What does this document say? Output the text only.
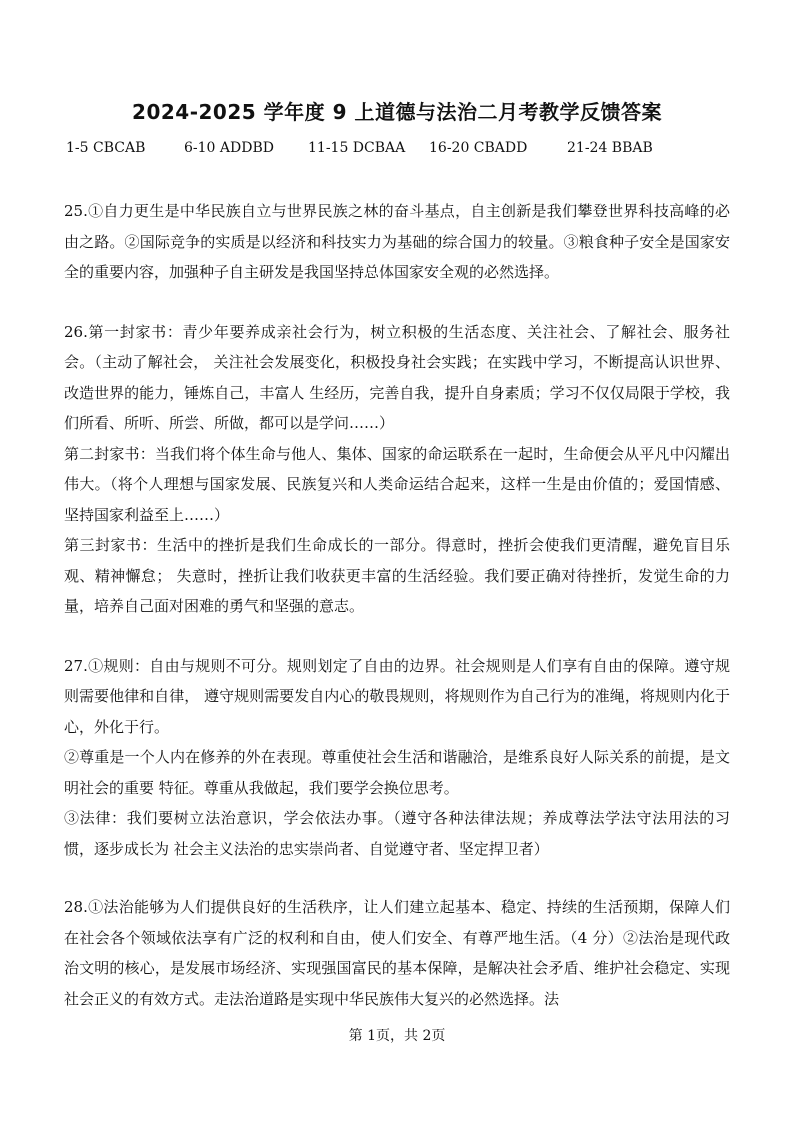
2024-2025 学年度 9 上道德与法治二月考教学反馈答案
1-5 CBCAB	6-10 ADDBD 11-15 DCBAA 16-20 CBADD	21-24 BBAB

25.①自力更生是中华民族自立与世界民族之林的奋斗基点，自主创新是我们攀登世界科技高峰的必由之路。②国际竞争的实质是以经济和科技实力为基础的综合国力的较量。③粮食种子安全是国家安全的重要内容，加强种子自主研发是我国坚持总体国家安全观的必然选择。

26.第一封家书：青少年要养成亲社会行为，树立积极的生活态度、关注社会、了解社会、服务社会。（主动了解社会， 关注社会发展变化，积极投身社会实践；在实践中学习，不断提高认识世界、改造世界的能力，锤炼自己，丰富人 生经历，完善自我，提升自身素质；学习不仅仅局限于学校，我们所看、所听、所尝、所做，都可以是学问……）

第二封家书：当我们将个体生命与他人、集体、国家的命运联系在一起时，生命便会从平凡中闪耀出伟大。（将个人理想与国家发展、民族复兴和人类命运结合起来，这样一生是由价值的；爱国情感、坚持国家利益至上……）

第三封家书：生活中的挫折是我们生命成长的一部分。得意时，挫折会使我们更清醒，避免盲目乐观、精神懈怠； 失意时，挫折让我们收获更丰富的生活经验。我们要正确对待挫折，发觉生命的力量，培养自己面对困难的勇气和坚强的意志。

27.①规则：自由与规则不可分。规则划定了自由的边界。社会规则是人们享有自由的保障。遵守规则需要他律和自律， 遵守规则需要发自内心的敬畏规则，将规则作为自己行为的准绳，将规则内化于心，外化于行。

②尊重是一个人内在修养的外在表现。尊重使社会生活和谐融洽，是维系良好人际关系的前提，是文明社会的重要 特征。尊重从我做起，我们要学会换位思考。

③法律：我们要树立法治意识，学会依法办事。（遵守各种法律法规；养成尊法学法守法用法的习惯，逐步成长为 社会主义法治的忠实崇尚者、自觉遵守者、坚定捍卫者）

28.①法治能够为人们提供良好的生活秩序，让人们建立起基本、稳定、持续的生活预期，保障人们在社会各个领域依法享有广泛的权利和自由，使人们安全、有尊严地生活。（4 分）②法治是现代政治文明的核心，是发展市场经济、实现强国富民的基本保障，是解决社会矛盾、维护社会稳定、实现社会正义的有效方式。走法治道路是实现中华民族伟大复兴的必然选择。法

第 1页，共 2页
